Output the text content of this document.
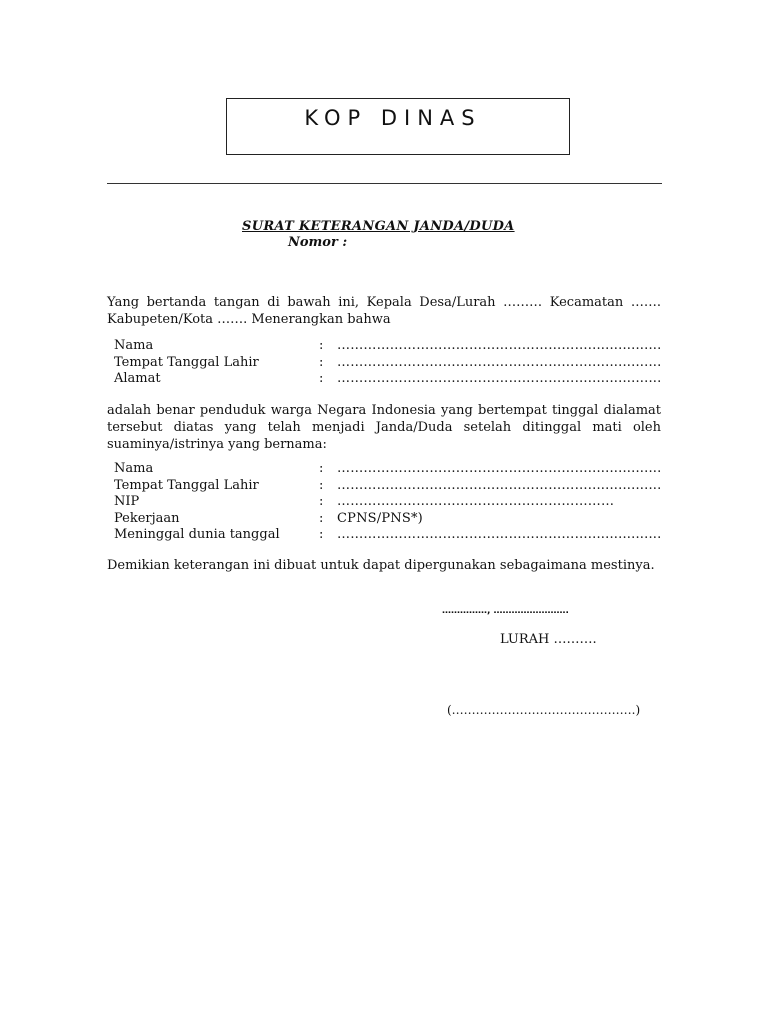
KOP DINAS
SURAT KETERANGAN JANDA/DUDA
Nomor :
Yang bertanda tangan di bawah ini, Kepala Desa/Lurah ……… Kecamatan ……. Kabupeten/Kota ……. Menerangkan bahwa
Nama	: ………………………………………………….................
Tempat Tanggal Lahir	: ………………………………………………….................
Alamat	: ………………………………………………….................
adalah benar penduduk warga Negara Indonesia yang bertempat tinggal dialamat tersebut diatas yang telah menjadi Janda/Duda setelah ditinggal mati oleh suaminya/istrinya yang bernama:
Nama	: ………………………………………………….................
Tempat Tanggal Lahir	: ………………………………………………….................
NIP	: ………………………………………………………
Pekerjaan	: CPNS/PNS*)
Meninggal dunia tanggal	: ………………………………………………….................
Demikian keterangan ini dibuat untuk dapat dipergunakan sebagaimana mestinya.
……………, …………………….
LURAH ……….
(……………………………………….)
